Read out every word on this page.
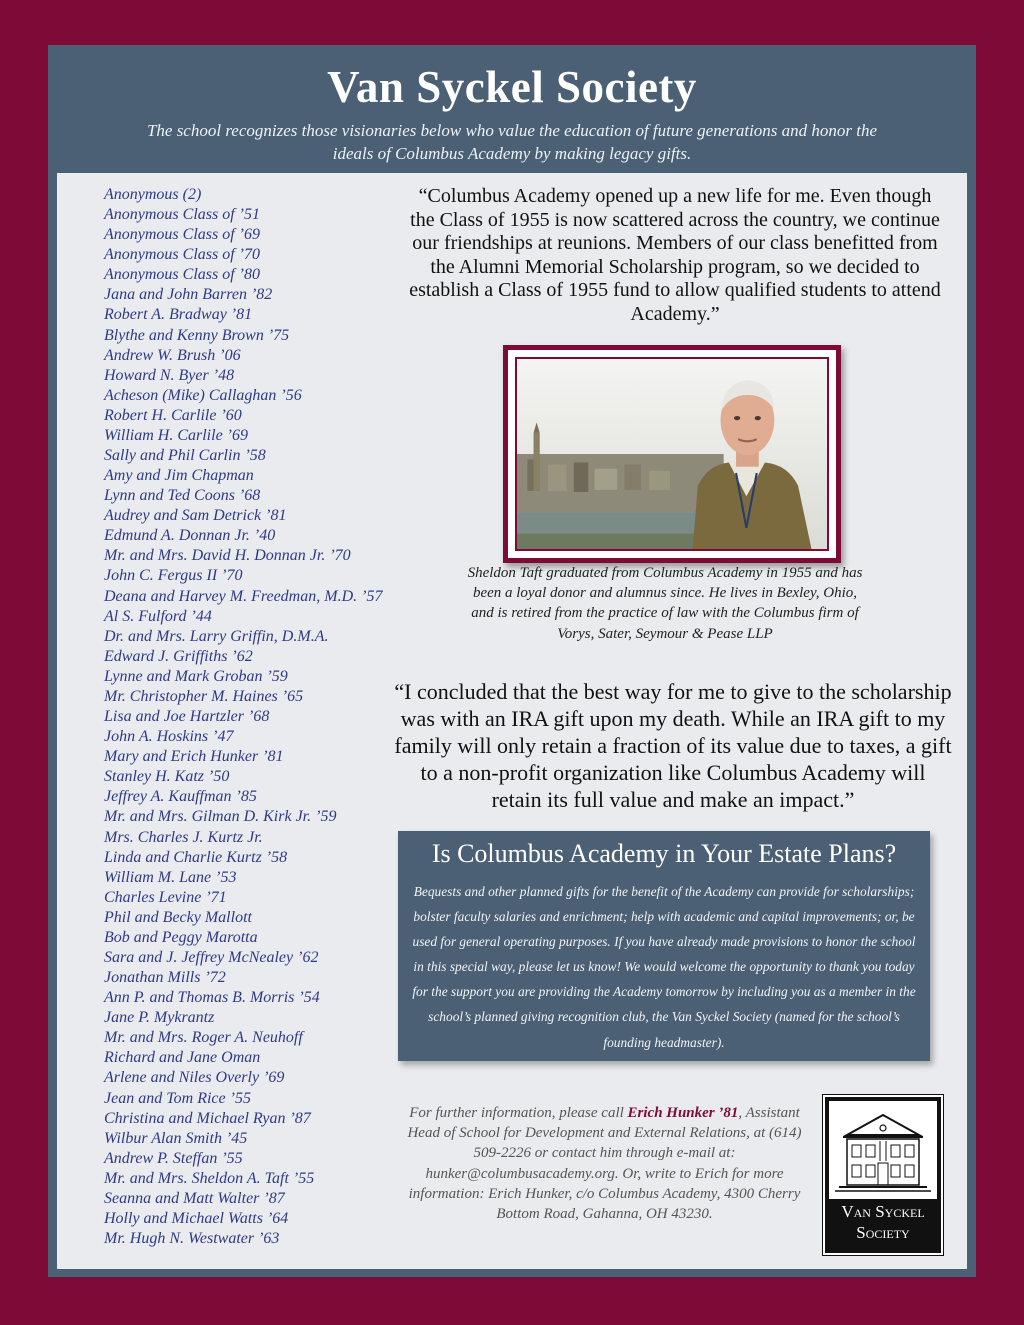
Van Syckel Society

The school recognizes those visionaries below who value the education of future generations and honor the ideals of Columbus Academy by making legacy gifts.

Anonymous (2)
Anonymous Class of ’51
Anonymous Class of ’69
Anonymous Class of ’70
Anonymous Class of ’80
Jana and John Barren ’82
Robert A. Bradway ’81
Blythe and Kenny Brown ’75
Andrew W. Brush ’06
Howard N. Byer ’48
Acheson (Mike) Callaghan ’56
Robert H. Carlile ’60
William H. Carlile ’69
Sally and Phil Carlin ’58
Amy and Jim Chapman
Lynn and Ted Coons ’68
Audrey and Sam Detrick ’81
Edmund A. Donnan Jr. ’40
Mr. and Mrs. David H. Donnan Jr. ’70
John C. Fergus II ’70
Deana and Harvey M. Freedman, M.D. ’57
Al S. Fulford ’44
Dr. and Mrs. Larry Griffin, D.M.A.
Edward J. Griffiths ’62
Lynne and Mark Groban ’59
Mr. Christopher M. Haines ’65
Lisa and Joe Hartzler ’68
John A. Hoskins ’47
Mary and Erich Hunker ’81
Stanley H. Katz ’50
Jeffrey A. Kauffman ’85
Mr. and Mrs. Gilman D. Kirk Jr. ’59
Mrs. Charles J. Kurtz Jr.
Linda and Charlie Kurtz ’58
William M. Lane ’53
Charles Levine ’71
Phil and Becky Mallott
Bob and Peggy Marotta
Sara and J. Jeffrey McNealey ’62
Jonathan Mills ’72
Ann P. and Thomas B. Morris ’54
Jane P. Mykrantz
Mr. and Mrs. Roger A. Neuhoff
Richard and Jane Oman
Arlene and Niles Overly ’69
Jean and Tom Rice ’55
Christina and Michael Ryan ’87
Wilbur Alan Smith ’45
Andrew P. Steffan ’55
Mr. and Mrs. Sheldon A. Taft ’55
Seanna and Matt Walter ’87
Holly and Michael Watts ’64
Mr. Hugh N. Westwater ’63

“Columbus Academy opened up a new life for me. Even though the Class of 1955 is now scattered across the country, we continue our friendships at reunions. Members of our class benefitted from the Alumni Memorial Scholarship program, so we decided to establish a Class of 1955 fund to allow qualified students to attend Academy.”

Sheldon Taft graduated from Columbus Academy in 1955 and has been a loyal donor and alumnus since. He lives in Bexley, Ohio, and is retired from the practice of law with the Columbus firm of Vorys, Sater, Seymour & Pease LLP

“I concluded that the best way for me to give to the scholarship was with an IRA gift upon my death. While an IRA gift to my family will only retain a fraction of its value due to taxes, a gift to a non-profit organization like Columbus Academy will retain its full value and make an impact.”

Is Columbus Academy in Your Estate Plans?

Bequests and other planned gifts for the benefit of the Academy can provide for scholarships; bolster faculty salaries and enrichment; help with academic and capital improvements; or, be used for general operating purposes. If you have already made provisions to honor the school in this special way, please let us know! We would welcome the opportunity to thank you today for the support you are providing the Academy tomorrow by including you as a member in the school’s planned giving recognition club, the Van Syckel Society (named for the school’s founding headmaster).

For further information, please call Erich Hunker ’81, Assistant Head of School for Development and External Relations, at (614) 509-2226 or contact him through e-mail at: hunker@columbusacademy.org. Or, write to Erich for more information: Erich Hunker, c/o Columbus Academy, 4300 Cherry Bottom Road, Gahanna, OH 43230.	Van Syckel
Society
